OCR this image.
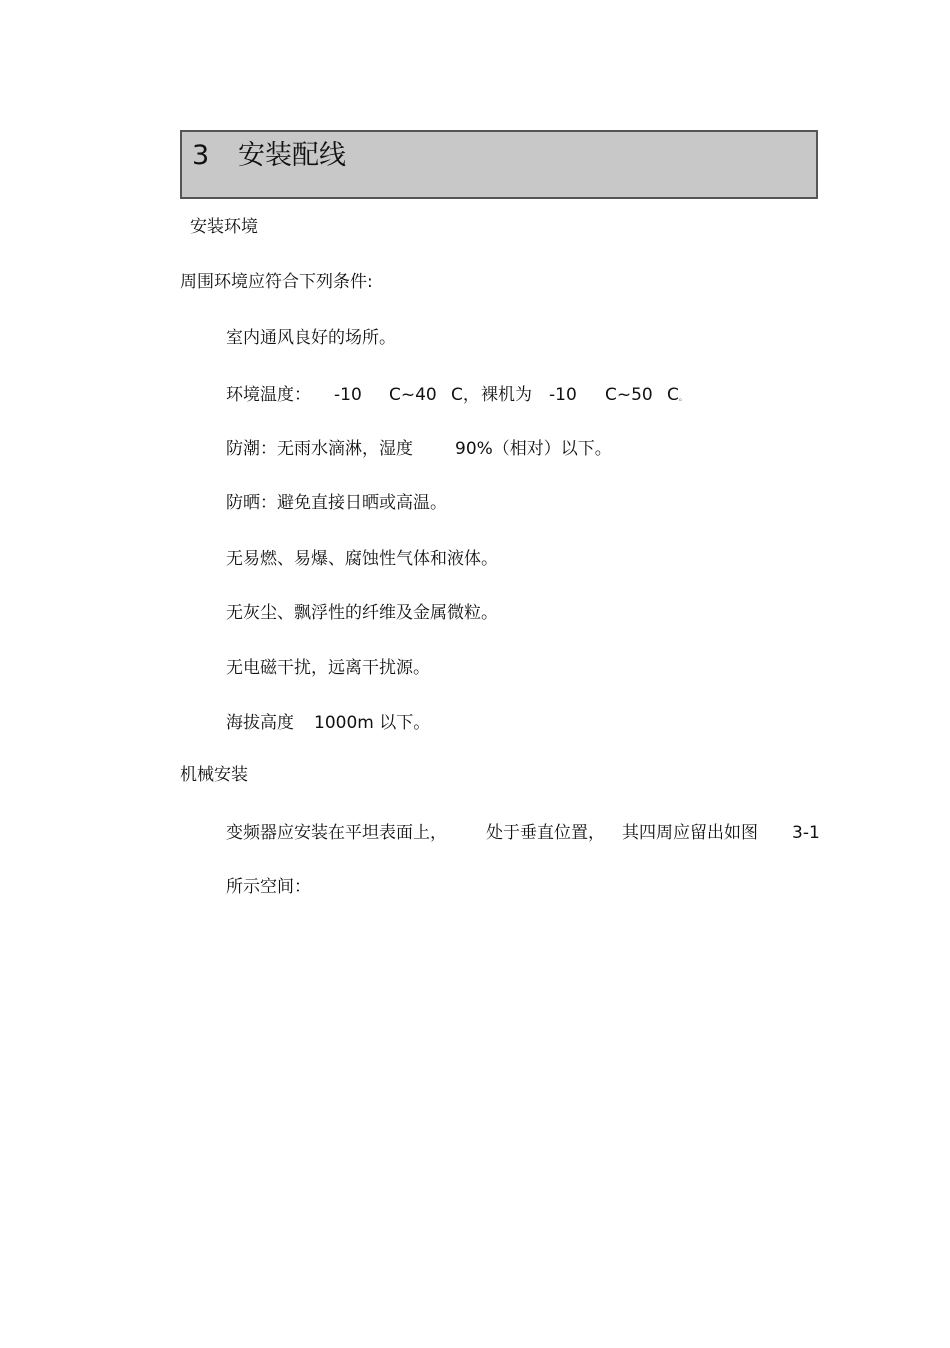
3 安装配线
安装环境
周围环境应符合下列条件:
室内通风良好的场所。

环境温度：

-10

C~40

C，

裸机为

-10

C~50

C。

防潮：无雨水滴淋，湿度

90%（相对）以下。

防晒：避免直接日晒或高温。
无易燃、易爆、腐蚀性气体和液体。
无灰尘、飘浮性的纤维及金属微粒。
无电磁干扰，远离干扰源。

海拔高度

1000m 以下。

机械安装

变频器应安装在平坦表面上，

处于垂直位置，

其四周应留出如图

3-1

所示空间：
